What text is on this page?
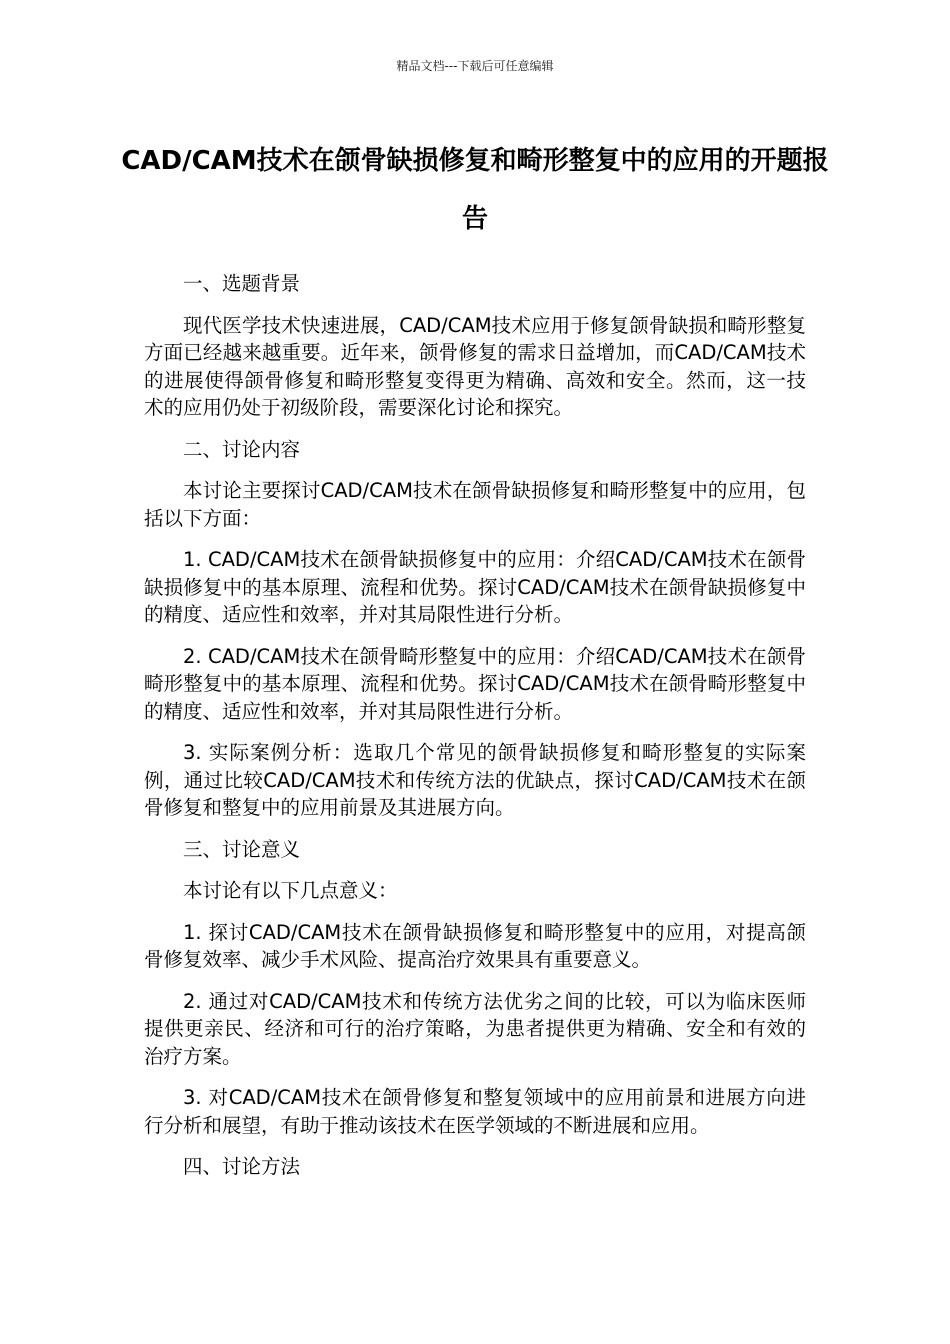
精品文档---下载后可任意编辑
CAD/CAM技术在颌骨缺损修复和畸形整复中的应用的开题报告

一、选题背景

现代医学技术快速进展，CAD/CAM技术应用于修复颌骨缺损和畸形整复方面已经越来越重要。近年来，颌骨修复的需求日益增加，而CAD/CAM技术的进展使得颌骨修复和畸形整复变得更为精确、高效和安全。然而，这一技术的应用仍处于初级阶段，需要深化讨论和探究。

二、讨论内容

本讨论主要探讨CAD/CAM技术在颌骨缺损修复和畸形整复中的应用，包括以下方面：

1. CAD/CAM技术在颌骨缺损修复中的应用：介绍CAD/CAM技术在颌骨缺损修复中的基本原理、流程和优势。探讨CAD/CAM技术在颌骨缺损修复中的精度、适应性和效率，并对其局限性进行分析。

2. CAD/CAM技术在颌骨畸形整复中的应用：介绍CAD/CAM技术在颌骨畸形整复中的基本原理、流程和优势。探讨CAD/CAM技术在颌骨畸形整复中的精度、适应性和效率，并对其局限性进行分析。

3. 实际案例分析：选取几个常见的颌骨缺损修复和畸形整复的实际案例，通过比较CAD/CAM技术和传统方法的优缺点，探讨CAD/CAM技术在颌骨修复和整复中的应用前景及其进展方向。

三、讨论意义

本讨论有以下几点意义：

1. 探讨CAD/CAM技术在颌骨缺损修复和畸形整复中的应用，对提高颌骨修复效率、减少手术风险、提高治疗效果具有重要意义。

2. 通过对CAD/CAM技术和传统方法优劣之间的比较，可以为临床医师提供更亲民、经济和可行的治疗策略，为患者提供更为精确、安全和有效的治疗方案。

3. 对CAD/CAM技术在颌骨修复和整复领域中的应用前景和进展方向进行分析和展望，有助于推动该技术在医学领域的不断进展和应用。

四、讨论方法
